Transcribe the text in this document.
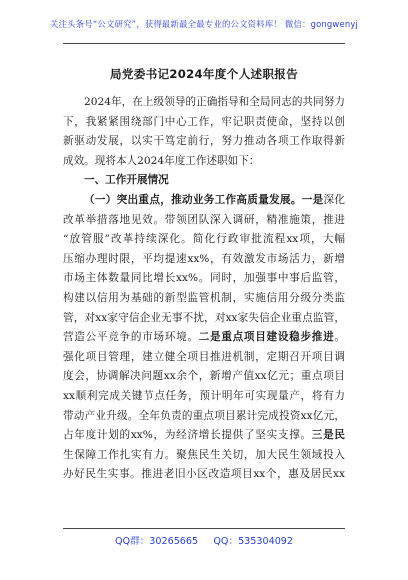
关注头条号“公文研究”，获得最新最全最专业的公文资料库！ 微信：gongwenyj
局党委书记2024年度个人述职报告
2024年，在上级领导的正确指导和全局同志的共同努力
下，我紧紧围绕部门中心工作，牢记职责使命，坚持以创
新驱动发展，以实干笃定前行，努力推动各项工作取得新
成效。现将本人2024年度工作述职如下：
一、工作开展情况
（一）突出重点，推动业务工作高质量发展。一是深化
改革举措落地见效。带领团队深入调研，精准施策，推进
“放管服”改革持续深化。简化行政审批流程xx项，大幅
压缩办理时限，平均提速xx%，有效激发市场活力，新增
市场主体数量同比增长xx%。同时，加强事中事后监管，
构建以信用为基础的新型监管机制，实施信用分级分类监
管，对xx家守信企业无事不扰，对xx家失信企业重点监管，
营造公平竞争的市场环境。二是重点项目建设稳步推进。
强化项目管理，建立健全项目推进机制，定期召开项目调
度会，协调解决问题xx余个，新增产值xx亿元；重点项目
xx顺利完成关键节点任务，预计明年可实现量产，将有力
带动产业升级。全年负责的重点项目累计完成投资xx亿元，
占年度计划的xx%，为经济增长提供了坚实支撑。三是民
生保障工作扎实有力。聚焦民生关切，加大民生领域投入
办好民生实事。推进老旧小区改造项目xx个，惠及居民xx
QQ群：30265665     QQ：535304092
